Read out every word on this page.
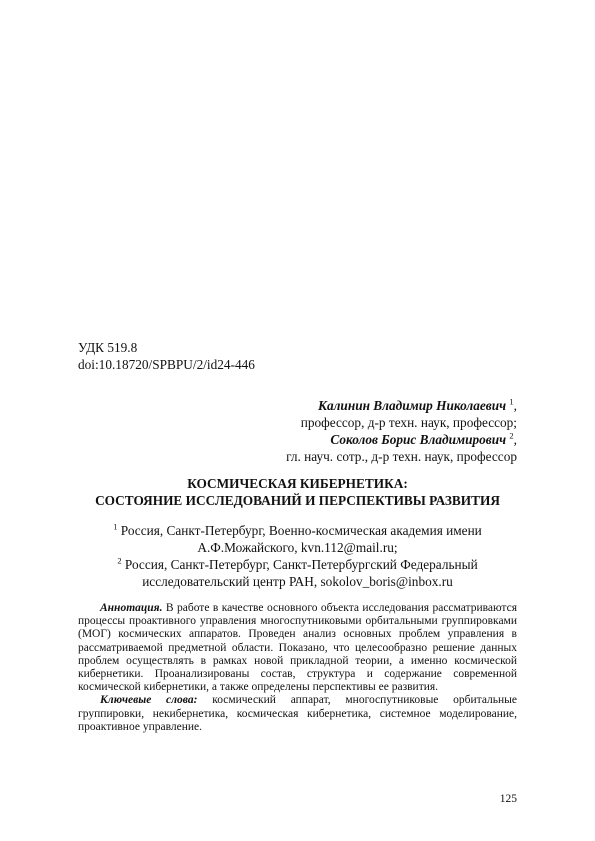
УДК 519.8
doi:10.18720/SPBPU/2/id24-446
Калинин Владимир Николаевич $^1$,
профессор, д-р техн. наук, профессор;
Соколов Борис Владимирович $^2$,
гл. науч. сотр., д-р техн. наук, профессор
КОСМИЧЕСКАЯ КИБЕРНЕТИКА:
СОСТОЯНИЕ ИССЛЕДОВАНИЙ И ПЕРСПЕКТИВЫ РАЗВИТИЯ
$^1$ Россия, Санкт-Петербург, Военно-космическая академия имени
А.Ф.Можайского, kvn.112@mail.ru;
$^2$ Россия, Санкт-Петербург, Санкт-Петербургский Федеральный
исследовательский центр РАН, sokolov_boris@inbox.ru

Аннотация. В работе в качестве основного объекта исследования рассматриваются процессы проактивного управления многоспутниковыми орбитальными группировками (МОГ) космических аппаратов. Проведен анализ основных проблем управления в рассматриваемой предметной области. Показано, что целесообразно решение данных проблем осуществлять в рамках новой прикладной теории, а именно космической кибернетики. Проанализированы состав, структура и содержание современной космической кибернетики, а также определены перспективы ее развития.

Ключевые слова: космический аппарат, многоспутниковые орбитальные группировки, некибернетика, космическая кибернетика, системное моделирование, проактивное управление.

125
